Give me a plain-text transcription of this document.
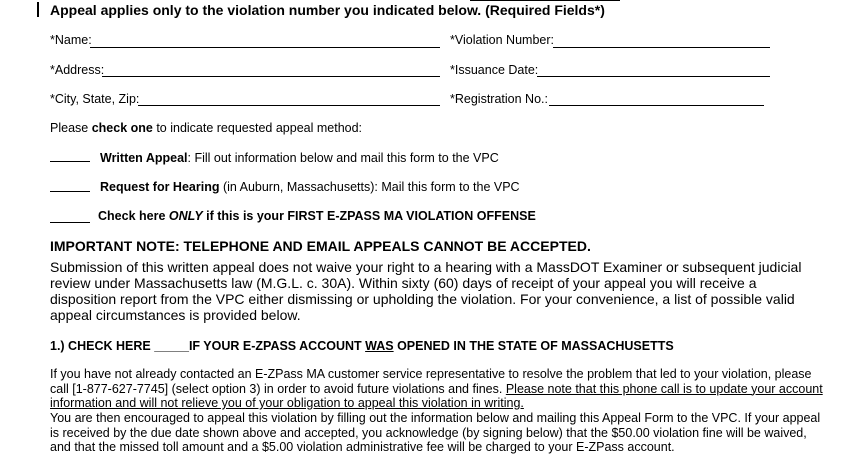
Appeal applies only to the violation number you indicated below. (Required Fields*)
*Name:	*Violation Number:
*Address:	*Issuance Date:
*City, State, Zip:	*Registration No.:
Please check one to indicate requested appeal method:
Written Appeal: Fill out information below and mail this form to the VPC
Request for Hearing (in Auburn, Massachusetts): Mail this form to the VPC
Check here ONLY if this is your FIRST E-ZPASS MA VIOLATION OFFENSE
IMPORTANT NOTE: TELEPHONE AND EMAIL APPEALS CANNOT BE ACCEPTED.
Submission of this written appeal does not waive your right to a hearing with a MassDOT Examiner or subsequent judicial review under Massachusetts law (M.G.L. c. 30A). Within sixty (60) days of receipt of your appeal you will receive a disposition report from the VPC either dismissing or upholding the violation. For your convenience, a list of possible valid appeal circumstances is provided below.
1.) CHECK HERE _____IF YOUR E-ZPASS ACCOUNT WAS OPENED IN THE STATE OF MASSACHUSETTS
If you have not already contacted an E-ZPass MA customer service representative to resolve the problem that led to your violation, please call [1-877-627-7745] (select option 3) in order to avoid future violations and fines. Please note that this phone call is to update your account information and will not relieve you of your obligation to appeal this violation in writing.
You are then encouraged to appeal this violation by filling out the information below and mailing this Appeal Form to the VPC. If your appeal is received by the due date shown above and accepted, you acknowledge (by signing below) that the $50.00 violation fine will be waived, and that the missed toll amount and a $5.00 violation administrative fee will be charged to your E-ZPass account.
